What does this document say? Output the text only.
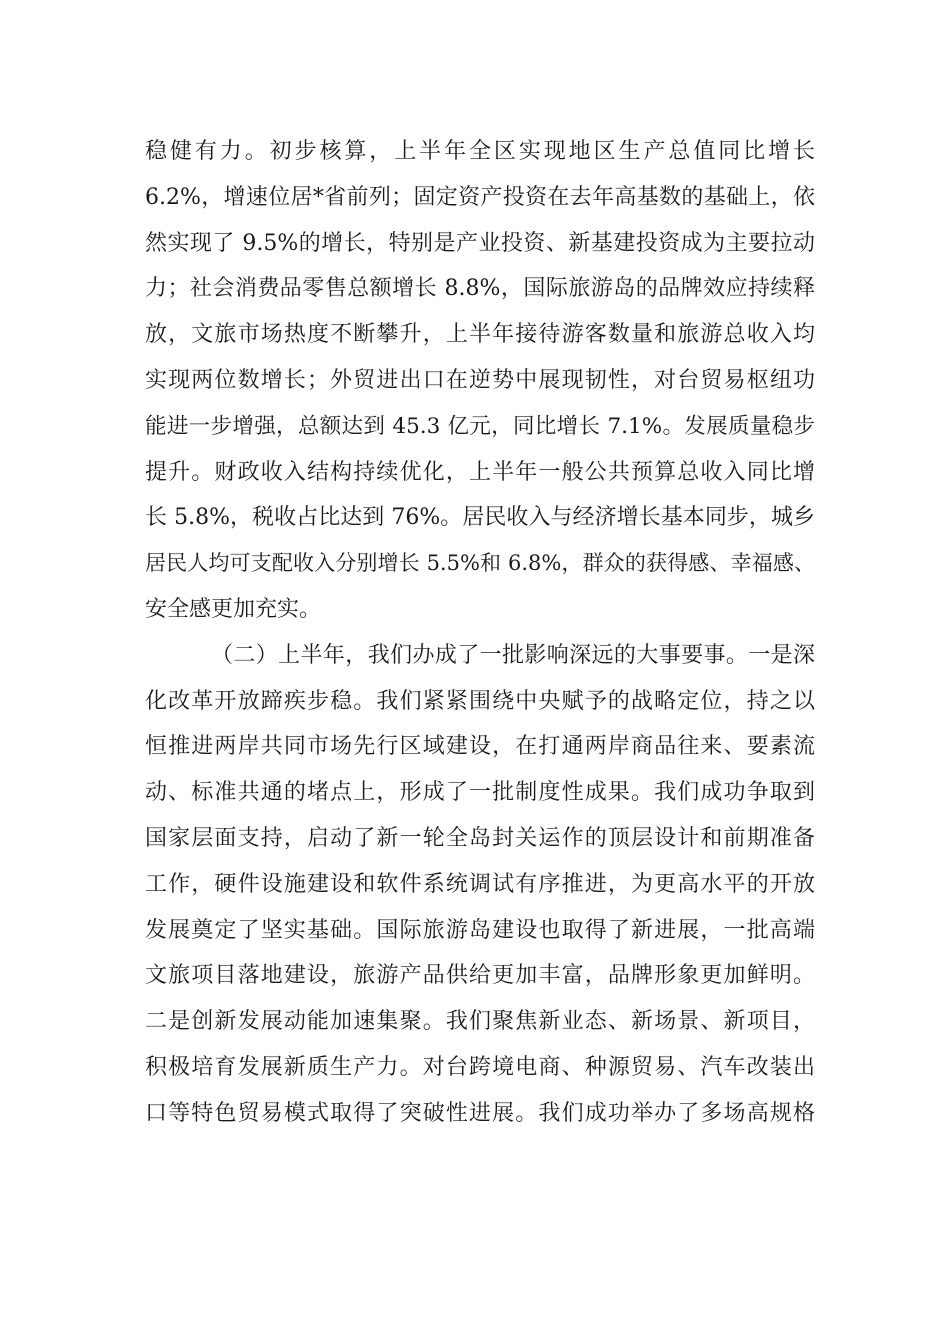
稳健有力。初步核算，上半年全区实现地区生产总值同比增长
6.2%，增速位居*省前列；固定资产投资在去年高基数的基础上，依
然实现了 9.5%的增长，特别是产业投资、新基建投资成为主要拉动
力；社会消费品零售总额增长 8.8%，国际旅游岛的品牌效应持续释
放，文旅市场热度不断攀升，上半年接待游客数量和旅游总收入均
实现两位数增长；外贸进出口在逆势中展现韧性，对台贸易枢纽功
能进一步增强，总额达到 45.3 亿元，同比增长 7.1%。发展质量稳步
提升。财政收入结构持续优化，上半年一般公共预算总收入同比增
长 5.8%，税收占比达到 76%。居民收入与经济增长基本同步，城乡
居民人均可支配收入分别增长 5.5%和 6.8%，群众的获得感、幸福感、
安全感更加充实。
（二）上半年，我们办成了一批影响深远的大事要事。一是深
化改革开放蹄疾步稳。我们紧紧围绕中央赋予的战略定位，持之以
恒推进两岸共同市场先行区域建设，在打通两岸商品往来、要素流
动、标准共通的堵点上，形成了一批制度性成果。我们成功争取到
国家层面支持，启动了新一轮全岛封关运作的顶层设计和前期准备
工作，硬件设施建设和软件系统调试有序推进，为更高水平的开放
发展奠定了坚实基础。国际旅游岛建设也取得了新进展，一批高端
文旅项目落地建设，旅游产品供给更加丰富，品牌形象更加鲜明。
二是创新发展动能加速集聚。我们聚焦新业态、新场景、新项目，
积极培育发展新质生产力。对台跨境电商、种源贸易、汽车改装出
口等特色贸易模式取得了突破性进展。我们成功举办了多场高规格
